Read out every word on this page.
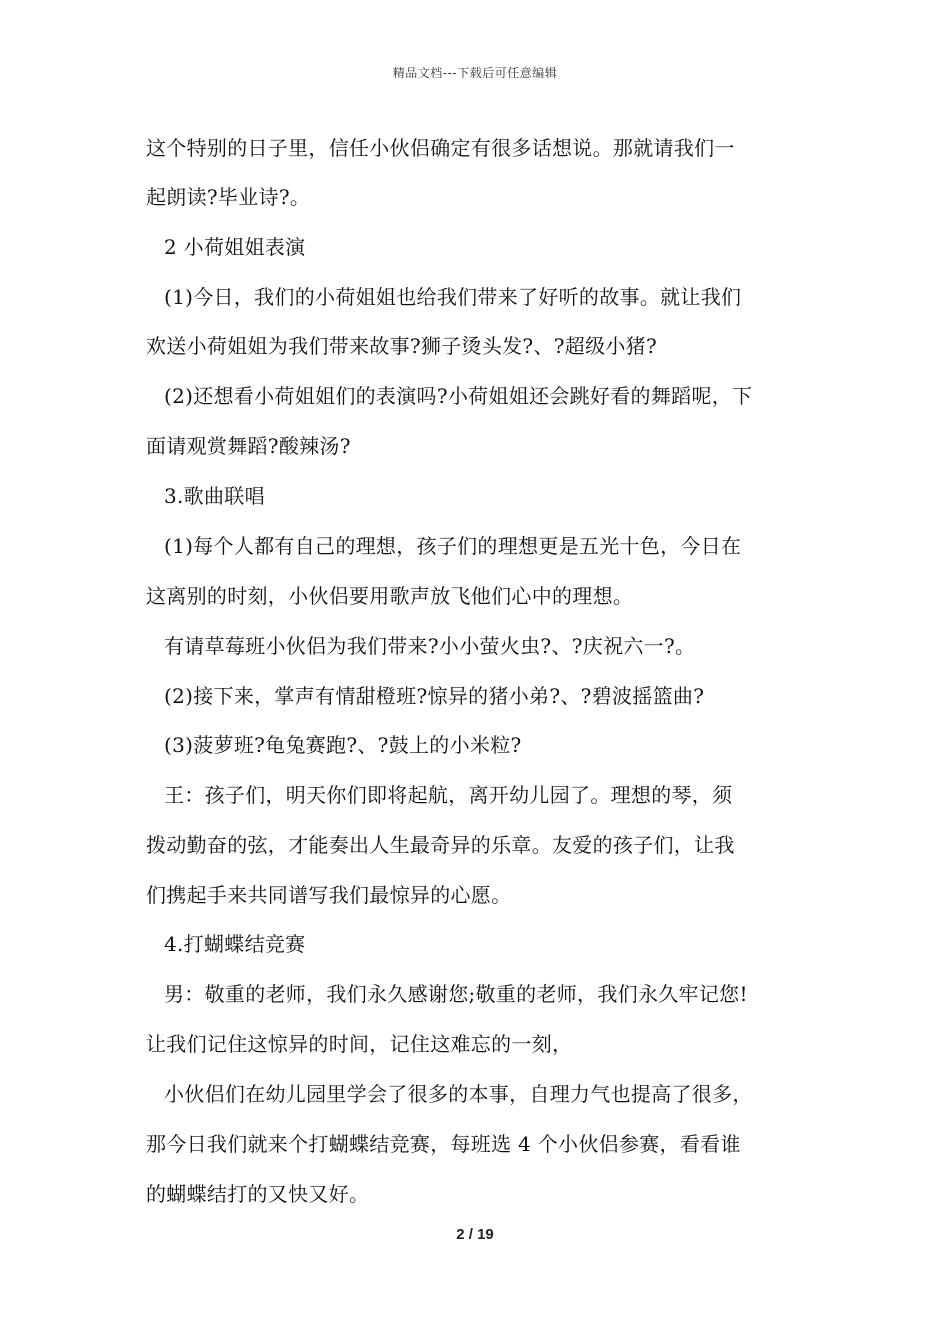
精品文档---下载后可任意编辑
这个特别的日子里，信任小伙侣确定有很多话想说。那就请我们一
起朗读?毕业诗?。
2 小荷姐姐表演
(1)今日，我们的小荷姐姐也给我们带来了好听的故事。就让我们
欢送小荷姐姐为我们带来故事?狮子烫头发?、?超级小猪?
(2)还想看小荷姐姐们的表演吗?小荷姐姐还会跳好看的舞蹈呢，下
面请观赏舞蹈?酸辣汤?
3.歌曲联唱
(1)每个人都有自己的理想，孩子们的理想更是五光十色，今日在
这离别的时刻，小伙侣要用歌声放飞他们心中的理想。
有请草莓班小伙侣为我们带来?小小萤火虫?、?庆祝六一?。
(2)接下来，掌声有情甜橙班?惊异的猪小弟?、?碧波摇篮曲?
(3)菠萝班?龟兔赛跑?、?鼓上的小米粒?
王：孩子们，明天你们即将起航，离开幼儿园了。理想的琴，须
拨动勤奋的弦，才能奏出人生最奇异的乐章。友爱的孩子们，让我
们携起手来共同谱写我们最惊异的心愿。
4.打蝴蝶结竞赛
男：敬重的老师，我们永久感谢您;敬重的老师，我们永久牢记您!
让我们记住这惊异的时间，记住这难忘的一刻，
小伙侣们在幼儿园里学会了很多的本事，自理力气也提高了很多，
那今日我们就来个打蝴蝶结竞赛，每班选 4 个小伙侣参赛，看看谁
的蝴蝶结打的又快又好。
2 / 19
